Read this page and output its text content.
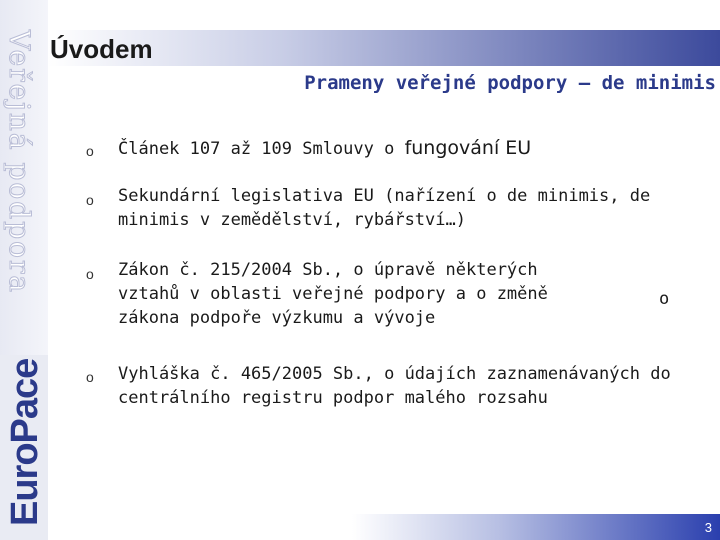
Veřejná podpora
EuroPace
Úvodem
Prameny veřejné podpory – de minimis
o Článek 107 až 109 Smlouvy o fungování EU
o Sekundární legislativa EU (nařízení o de minimis, de minimis v zemědělství, rybářství…)
o Zákon č. 215/2004 Sb., o úpravě některých vztahů v oblasti veřejné podpory a o změně zákona podpoře výzkumu a vývoje
o
o Vyhláška č. 465/2005 Sb., o údajích zaznamenávaných do centrálního registru podpor malého rozsahu
3
